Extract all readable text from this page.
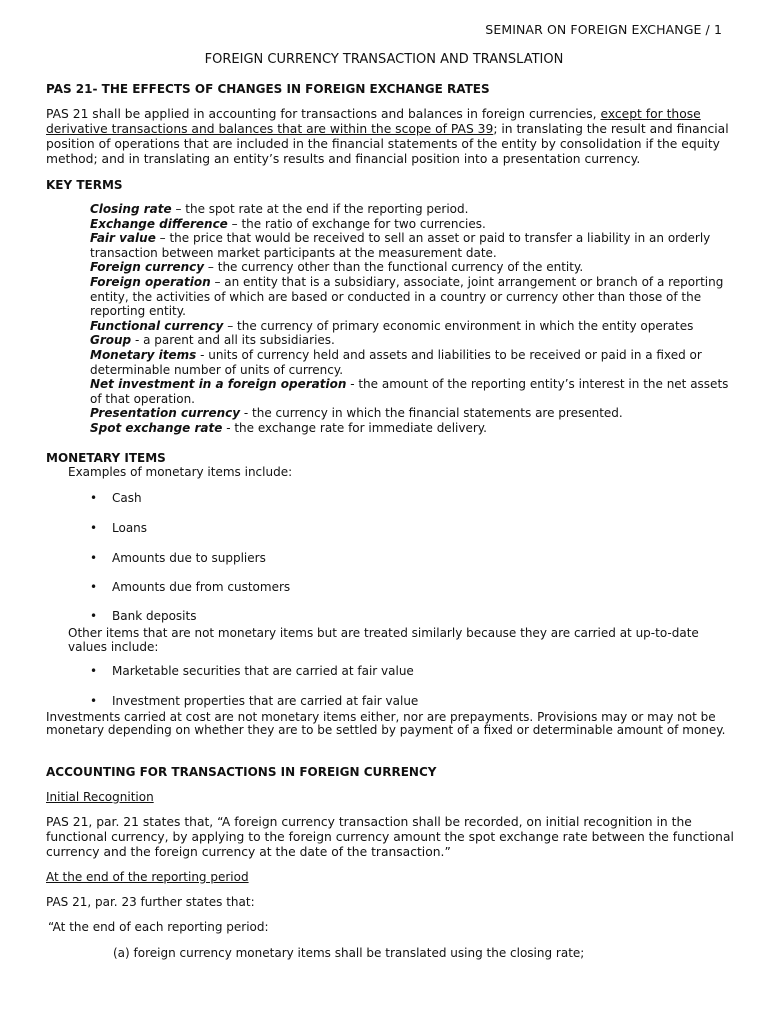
SEMINAR ON FOREIGN EXCHANGE / 1

FOREIGN CURRENCY TRANSACTION AND TRANSLATION

PAS 21- THE EFFECTS OF CHANGES IN FOREIGN EXCHANGE RATES

PAS 21 shall be applied in accounting for transactions and balances in foreign currencies, except for those derivative transactions and balances that are within the scope of PAS 39; in translating the result and financial position of operations that are included in the financial statements of the entity by consolidation if the equity method; and in translating an entity’s results and financial position into a presentation currency.

KEY TERMS

Closing rate – the spot rate at the end if the reporting period.

Exchange difference – the ratio of exchange for two currencies.

Fair value – the price that would be received to sell an asset or paid to transfer a liability in an orderly transaction between market participants at the measurement date.

Foreign currency – the currency other than the functional currency of the entity.

Foreign operation – an entity that is a subsidiary, associate, joint arrangement or branch of a reporting entity, the activities of which are based or conducted in a country or currency other than those of the reporting entity.

Functional currency – the currency of primary economic environment in which the entity operates

Group - a parent and all its subsidiaries.

Monetary items - units of currency held and assets and liabilities to be received or paid in a fixed or determinable number of units of currency.

Net investment in a foreign operation - the amount of the reporting entity’s interest in the net assets of that operation.

Presentation currency - the currency in which the financial statements are presented.

Spot exchange rate - the exchange rate for immediate delivery.

MONETARY ITEMS

Examples of monetary items include:

• Cash

• Loans

• Amounts due to suppliers

• Amounts due from customers

• Bank deposits

Other items that are not monetary items but are treated similarly because they are carried at up-to-date values include:

• Marketable securities that are carried at fair value

• Investment properties that are carried at fair value

Investments carried at cost are not monetary items either, nor are prepayments. Provisions may or may not be monetary depending on whether they are to be settled by payment of a fixed or determinable amount of money.

ACCOUNTING FOR TRANSACTIONS IN FOREIGN CURRENCY

Initial Recognition

PAS 21, par. 21 states that, “A foreign currency transaction shall be recorded, on initial recognition in the functional currency, by applying to the foreign currency amount the spot exchange rate between the functional currency and the foreign currency at the date of the transaction.”

At the end of the reporting period

PAS 21, par. 23 further states that:

“At the end of each reporting period:

(a) foreign currency monetary items shall be translated using the closing rate;
